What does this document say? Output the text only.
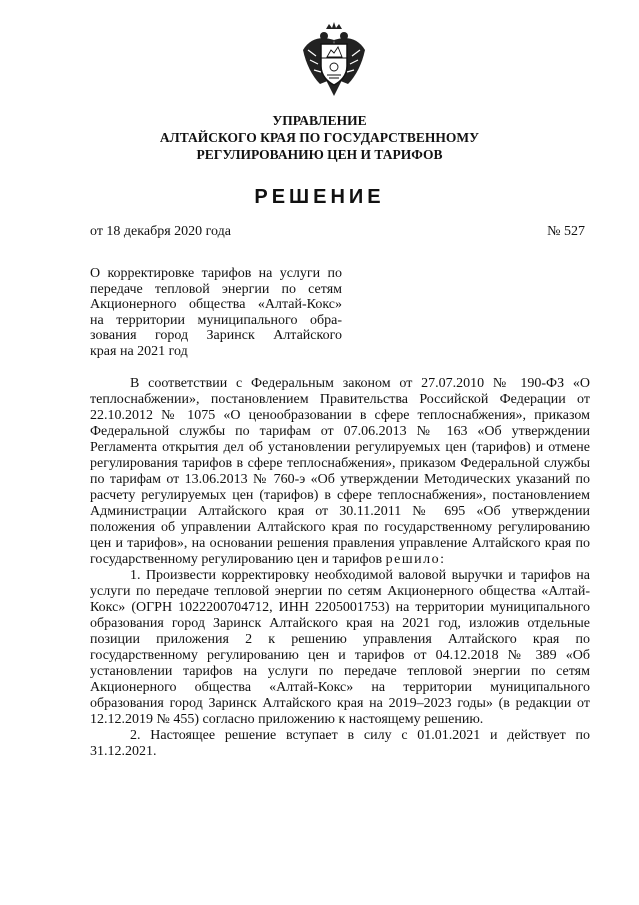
УПРАВЛЕНИЕ
АЛТАЙСКОГО КРАЯ ПО ГОСУДАРСТВЕННОМУ
РЕГУЛИРОВАНИЮ ЦЕН И ТАРИФОВ
РЕШЕНИЕ
от 18 декабря 2020 года	№ 527
О корректировке тарифов на услуги по
передаче тепловой энергии по сетям
Акционерного общества «Алтай-Кокс»
на территории муниципального обра-
зования город Заринск Алтайского
края на 2021 год

В соответствии с Федеральным законом от 27.07.2010 № 190-ФЗ «О теплоснабжении», постановлением Правительства Российской Федерации от 22.10.2012 № 1075 «О ценообразовании в сфере теплоснабжения», приказом Федеральной службы по тарифам от 07.06.2013 № 163 «Об утверждении Регламента открытия дел об установлении регулируемых цен (тарифов) и отмене регулирования тарифов в сфере теплоснабжения», приказом Федеральной службы по тарифам от 13.06.2013 № 760-э «Об утверждении Методических указаний по расчету регулируемых цен (тарифов) в сфере теплоснабжения», постановлением Администрации Алтайского края от 30.11.2011 № 695 «Об утверждении положения об управлении Алтайского края по государственному регулированию цен и тарифов», на основании решения правления управление Алтайского края по государственному регулированию цен и тарифов решило:

1. Произвести корректировку необходимой валовой выручки и тарифов на услуги по передаче тепловой энергии по сетям Акционерного общества «Алтай-Кокс» (ОГРН 1022200704712, ИНН 2205001753) на территории муниципального образования город Заринск Алтайского края на 2021 год, изложив отдельные позиции приложения 2 к решению управления Алтайского края по государственному регулированию цен и тарифов от 04.12.2018 № 389 «Об установлении тарифов на услуги по передаче тепловой энергии по сетям Акционерного общества «Алтай-Кокс» на территории муниципального образования город Заринск Алтайского края на 2019–2023 годы» (в редакции от 12.12.2019 № 455) согласно приложению к настоящему решению.

2. Настоящее решение вступает в силу с 01.01.2021 и действует по 31.12.2021.
